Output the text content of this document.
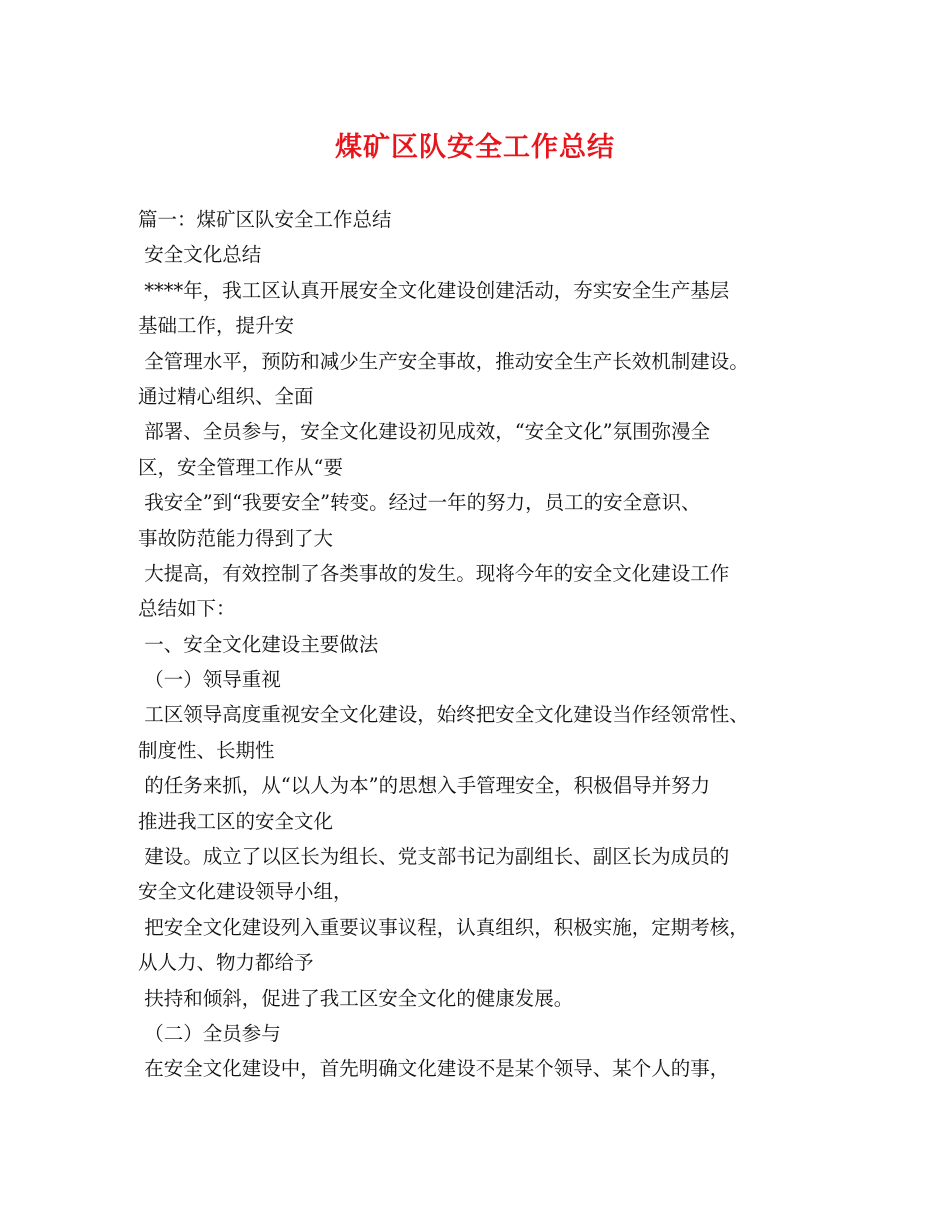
煤矿区队安全工作总结
篇一：煤矿区队安全工作总结
安全文化总结
****年，我工区认真开展安全文化建设创建活动，夯实安全生产基层
基础工作，提升安
全管理水平，预防和减少生产安全事故，推动安全生产长效机制建设。
通过精心组织、全面
部署、全员参与，安全文化建设初见成效，“安全文化”氛围弥漫全
区，安全管理工作从“要
我安全”到“我要安全”转变。经过一年的努力，员工的安全意识、
事故防范能力得到了大
大提高，有效控制了各类事故的发生。现将今年的安全文化建设工作
总结如下：
一、安全文化建设主要做法
（一）领导重视
工区领导高度重视安全文化建设，始终把安全文化建设当作经领常性、
制度性、长期性
的任务来抓，从“以人为本”的思想入手管理安全，积极倡导并努力
推进我工区的安全文化
建设。成立了以区长为组长、党支部书记为副组长、副区长为成员的
安全文化建设领导小组，
把安全文化建设列入重要议事议程，认真组织，积极实施，定期考核，
从人力、物力都给予
扶持和倾斜，促进了我工区安全文化的健康发展。
（二）全员参与
在安全文化建设中，首先明确文化建设不是某个领导、某个人的事，
